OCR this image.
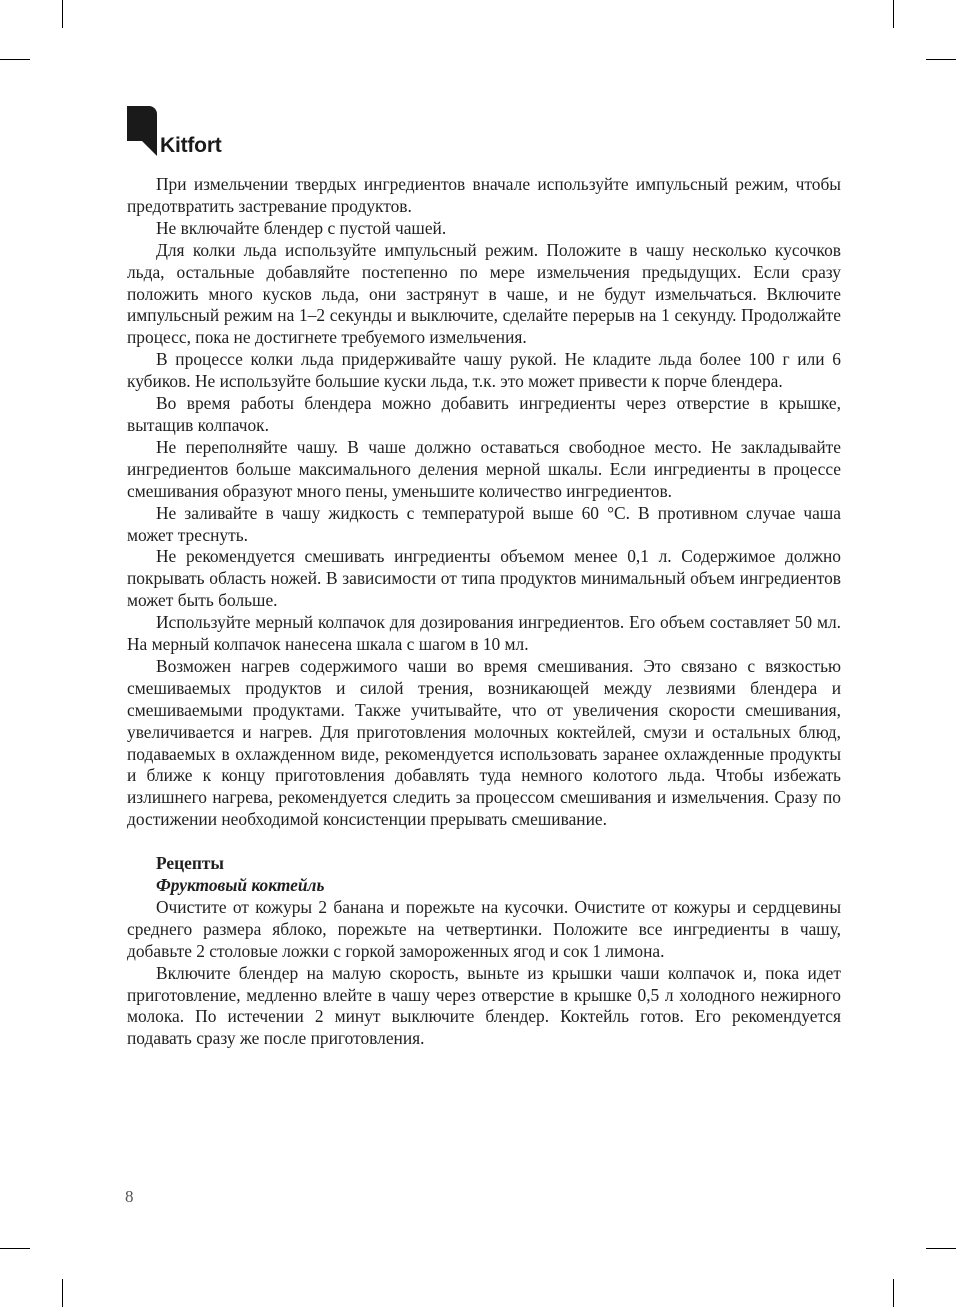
Kitfort

При измельчении твердых ингредиентов вначале используйте импульсный режим, чтобы предотвратить застревание продуктов.

Не включайте блендер с пустой чашей.

Для колки льда используйте импульсный режим. Положите в чашу несколько кусочков льда, остальные добавляйте постепенно по мере измельчения предыдущих. Если сразу положить много кусков льда, они застрянут в чаше, и не будут измельчаться. Включите импульсный режим на 1–2 секунды и выключите, сделайте перерыв на 1 секунду. Продолжайте процесс, пока не достигнете требуемого измельчения.

В процессе колки льда придерживайте чашу рукой. Не кладите льда более 100 г или 6 кубиков. Не используйте большие куски льда, т.к. это может привести к порче блендера.

Во время работы блендера можно добавить ингредиенты через отверстие в крышке, вытащив колпачок.

Не переполняйте чашу. В чаше должно оставаться свободное место. Не закладывайте ингредиентов больше максимального деления мерной шкалы. Если ингредиенты в процессе смешивания образуют много пены, уменьшите количество ингредиентов.

Не заливайте в чашу жидкость с температурой выше 60 °С. В противном случае чаша может треснуть.

Не рекомендуется смешивать ингредиенты объемом менее 0,1 л. Содержимое должно покрывать область ножей. В зависимости от типа продуктов минимальный объем ингредиентов может быть больше.

Используйте мерный колпачок для дозирования ингредиентов. Его объем составляет 50 мл. На мерный колпачок нанесена шкала с шагом в 10 мл.

Возможен нагрев содержимого чаши во время смешивания. Это связано с вязкостью смешиваемых продуктов и силой трения, возникающей между лезвиями блендера и смешиваемыми продуктами. Также учитывайте, что от увеличения скорости смешивания, увеличивается и нагрев. Для приготовления молочных коктейлей, смузи и остальных блюд, подаваемых в охлажденном виде, рекомендуется использовать заранее охлажденные продукты и ближе к концу приготовления добавлять туда немного колотого льда. Чтобы избежать излишнего нагрева, рекомендуется следить за процессом смешивания и измельчения. Сразу по достижении необходимой консистенции прерывать смешивание.

Рецепты

Фруктовый коктейль

Очистите от кожуры 2 банана и порежьте на кусочки. Очистите от кожуры и сердцевины среднего размера яблоко, порежьте на четвертинки. Положите все ингредиенты в чашу, добавьте 2 столовые ложки с горкой замороженных ягод и сок 1 лимона.

Включите блендер на малую скорость, выньте из крышки чаши колпачок и, пока идет приготовление, медленно влейте в чашу через отверстие в крышке 0,5 л холодного нежирного молока. По истечении 2 минут выключите блендер. Коктейль готов. Его рекомендуется подавать сразу же после приготовления.

8
